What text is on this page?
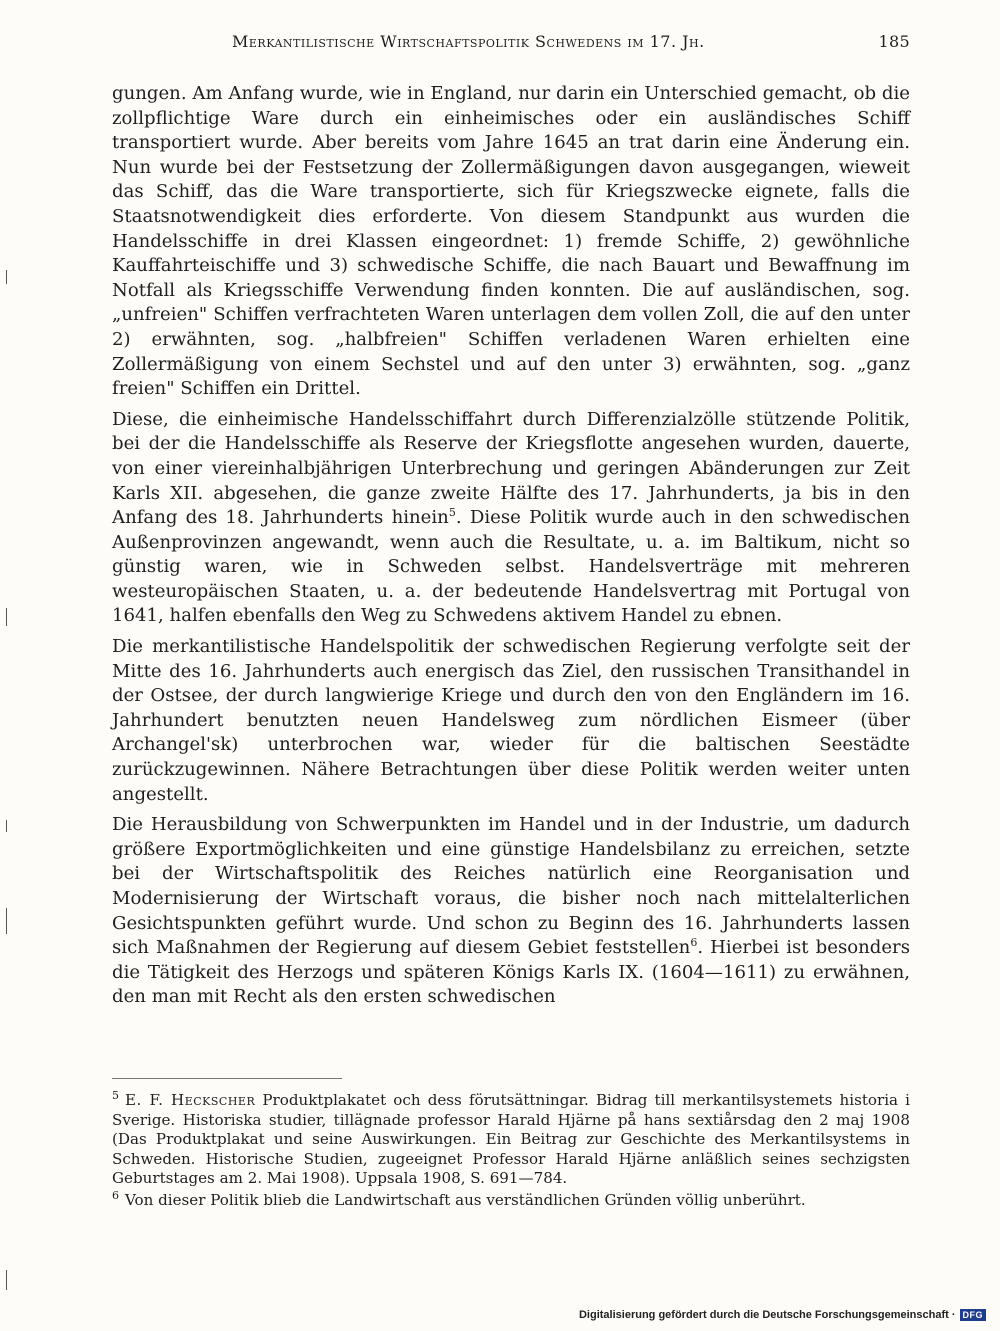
Merkantilistische Wirtschaftspolitik Schwedens im 17. Jh.	185

gungen. Am Anfang wurde, wie in England, nur darin ein Unterschied gemacht, ob die zollpflichtige Ware durch ein einheimisches oder ein ausländisches Schiff transportiert wurde. Aber bereits vom Jahre 1645 an trat darin eine Änderung ein. Nun wurde bei der Festsetzung der Zollermäßigungen davon ausgegangen, wieweit das Schiff, das die Ware transportierte, sich für Kriegszwecke eignete, falls die Staatsnotwendigkeit dies erforderte. Von diesem Standpunkt aus wurden die Handelsschiffe in drei Klassen eingeordnet: 1) fremde Schiffe, 2) gewöhnliche Kauffahrteischiffe und 3) schwedische Schiffe, die nach Bauart und Bewaffnung im Notfall als Kriegsschiffe Verwendung finden konnten. Die auf ausländischen, sog. „unfreien" Schiffen verfrachteten Waren unterlagen dem vollen Zoll, die auf den unter 2) erwähnten, sog. „halbfreien" Schiffen verladenen Waren erhielten eine Zollermäßigung von einem Sechstel und auf den unter 3) erwähnten, sog. „ganz freien" Schiffen ein Drittel.

Diese, die einheimische Handelsschiffahrt durch Differenzialzölle stützende Politik, bei der die Handelsschiffe als Reserve der Kriegsflotte angesehen wurden, dauerte, von einer viereinhalbjährigen Unterbrechung und geringen Abänderungen zur Zeit Karls XII. abgesehen, die ganze zweite Hälfte des 17. Jahrhunderts, ja bis in den Anfang des 18. Jahrhunderts hinein$^5$. Diese Politik wurde auch in den schwedischen Außenprovinzen angewandt, wenn auch die Resultate, u. a. im Baltikum, nicht so günstig waren, wie in Schweden selbst. Handelsverträge mit mehreren westeuropäischen Staaten, u. a. der bedeutende Handelsvertrag mit Portugal von 1641, halfen ebenfalls den Weg zu Schwedens aktivem Handel zu ebnen.

Die merkantilistische Handelspolitik der schwedischen Regierung verfolgte seit der Mitte des 16. Jahrhunderts auch energisch das Ziel, den russischen Transithandel in der Ostsee, der durch langwierige Kriege und durch den von den Engländern im 16. Jahrhundert benutzten neuen Handelsweg zum nördlichen Eismeer (über Archangel'sk) unterbrochen war, wieder für die baltischen Seestädte zurückzugewinnen. Nähere Betrachtungen über diese Politik werden weiter unten angestellt.

Die Herausbildung von Schwerpunkten im Handel und in der Industrie, um dadurch größere Exportmöglichkeiten und eine günstige Handelsbilanz zu erreichen, setzte bei der Wirtschaftspolitik des Reiches natürlich eine Reorganisation und Modernisierung der Wirtschaft voraus, die bisher noch nach mittelalterlichen Gesichtspunkten geführt wurde. Und schon zu Beginn des 16. Jahrhunderts lassen sich Maßnahmen der Regierung auf diesem Gebiet feststellen$^6$. Hierbei ist besonders die Tätigkeit des Herzogs und späteren Königs Karls IX. (1604—1611) zu erwähnen, den man mit Recht als den ersten schwedischen

$^5$ E. F. Heckscher Produktplakatet och dess förutsättningar. Bidrag till merkantilsystemets historia i Sverige. Historiska studier, tillägnade professor Harald Hjärne på hans sextiårsdag den 2 maj 1908 (Das Produktplakat und seine Auswirkungen. Ein Beitrag zur Geschichte des Merkantilsystems in Schweden. Historische Studien, zugeeignet Professor Harald Hjärne anläßlich seines sechzigsten Geburtstages am 2. Mai 1908). Uppsala 1908, S. 691—784.

$^6$ Von dieser Politik blieb die Landwirtschaft aus verständlichen Gründen völlig unberührt.

Digitalisierung gefördert durch die Deutsche Forschungsgemeinschaft · DFG
